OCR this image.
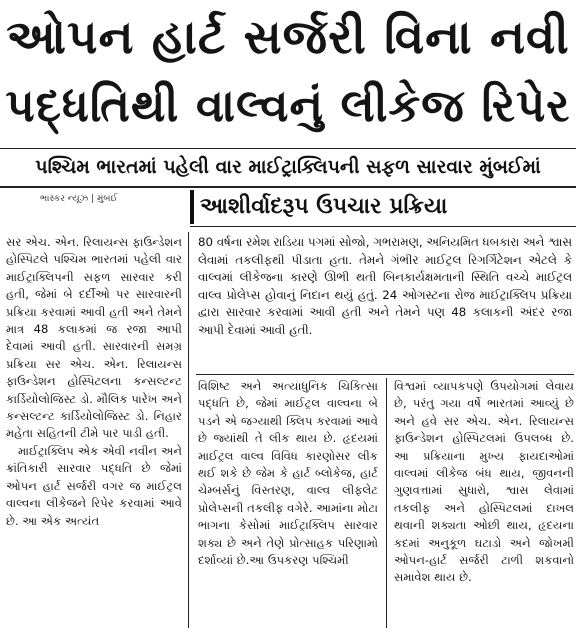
ઓપન હાર્ટ સર્જરી વિના નવી
પદ્ધતિથી વાલ્વનું લીકેજ રિપેર
પશ્ચિમ ભારતમાં પહેલી વાર માઈટ્રાક્લિપની સફળ સારવાર મુંબઈમાં
ભાસ્કર ન્યૂઝ | મુંબઈ	આશીર્વાદરૂપ ઉપચાર પ્રક્રિયા

સર એચ. એન. રિલાયન્સ ફાઉન્ડેશન હોસ્પિટલે પશ્ચિમ ભારતમાં પહેલી વાર માઈટ્રાક્લિપની સફળ સારવાર કરી હતી, જેમાં બે દર્દીઓ પર સારવારની પ્રક્રિયા કરવામાં આવી હતી અને તેમને માત્ર 48 કલાકમાં જ રજા આપી દેવામાં આવી હતી. સારવારની સમગ્ર પ્રક્રિયા સર એચ. એન. રિલાયન્સ ફાઉન્ડેશન હોસ્પિટલના કન્સલ્ટન્ટ કાર્ડિયોલોજિસ્ટ ડો. મૌલિક પારેખ અને કન્સલ્ટન્ટ કાર્ડિયોલોજિસ્ટ ડો. નિહાર મહેતા સહિતની ટીમે પાર પાડી હતી.

માઈટ્રાક્લિપ એક એવી નવીન અને ક્રાંતિકારી સારવાર પદ્ધતિ છે જેમાં ઓપન હાર્ટ સર્જરી વગર જ માઈટ્રલ વાલ્વના લીકેજને રિપેર કરવામાં આવે છે. આ એક અત્યંત

80 વર્ષના રમેશ રાડિયા પગમાં સોજો, ગભરામણ, અનિયમિત ધબકારા અને શ્વાસ લેવામાં તકલીફથી પીડાતા હતા. તેમને ગંભીર માઈટ્રલ રિગર્ગિટેશન એટલે કે વાલ્વમાં લીકેજના કારણે ઊભી થતી બિનકાર્યક્ષમતાની સ્થિતિ વચ્ચે માઈટ્રલ વાલ્વ પ્રોલેપ્સ હોવાનું નિદાન થયું હતું. 24 ઓગસ્ટના રોજ માઈટ્રાક્લિપ પ્રક્રિયા દ્વારા સારવાર કરવામાં આવી હતી અને તેમને પણ 48 કલાકની અંદર રજા આપી દેવામાં આવી હતી.
વિશિષ્ટ અને અત્યાધુનિક ચિકિત્સા પદ્ધતિ છે, જેમાં માઈટ્રલ વાલ્વના બે પડને એ જગ્યાથી ક્લિપ કરવામાં આવે છે જ્યાંથી તે લીક થાય છે. હૃદયમાં માઈટ્રલ વાલ્વ વિવિધ કારણોસર લીક થઈ શકે છે જેમ કે હાર્ટ બ્લોકેજ, હાર્ટ ચેમ્બર્સનું વિસ્તરણ, વાલ્વ લીફલેટ પ્રોલેપ્સની તકલીફ વગેરે. આમાંના મોટા ભાગના કેસોમાં માઈટ્રાક્લિપ સારવાર શક્ય છે અને તેણે પ્રોત્સાહક પરિણામો દર્શાવ્યાં છે.આ ઉપકરણ પશ્ચિમી
વિશ્વમાં વ્યાપકપણે ઉપયોગમાં લેવાય છે, પરંતુ ગયા વર્ષે ભારતમાં આવ્યું છે અને હવે સર એચ. એન. રિલાયન્સ ફાઉન્ડેશન હોસ્પિટલમાં ઉપલબ્ધ છે. આ પ્રક્રિયાના મુખ્ય ફાયદાઓમાં વાલ્વમાં લીકેજ બંધ થાય, જીવનની ગુણવત્તામાં સુધારો, શ્વાસ લેવામાં તકલીફ અને હોસ્પિટલમાં દાખલ થવાની શક્યતા ઓછી થાય, હૃદયના કદમાં અનુકૂળ ઘટાડો અને જોખમી ઓપન-હાર્ટ સર્જરી ટાળી શકવાનો સમાવેશ થાય છે.
